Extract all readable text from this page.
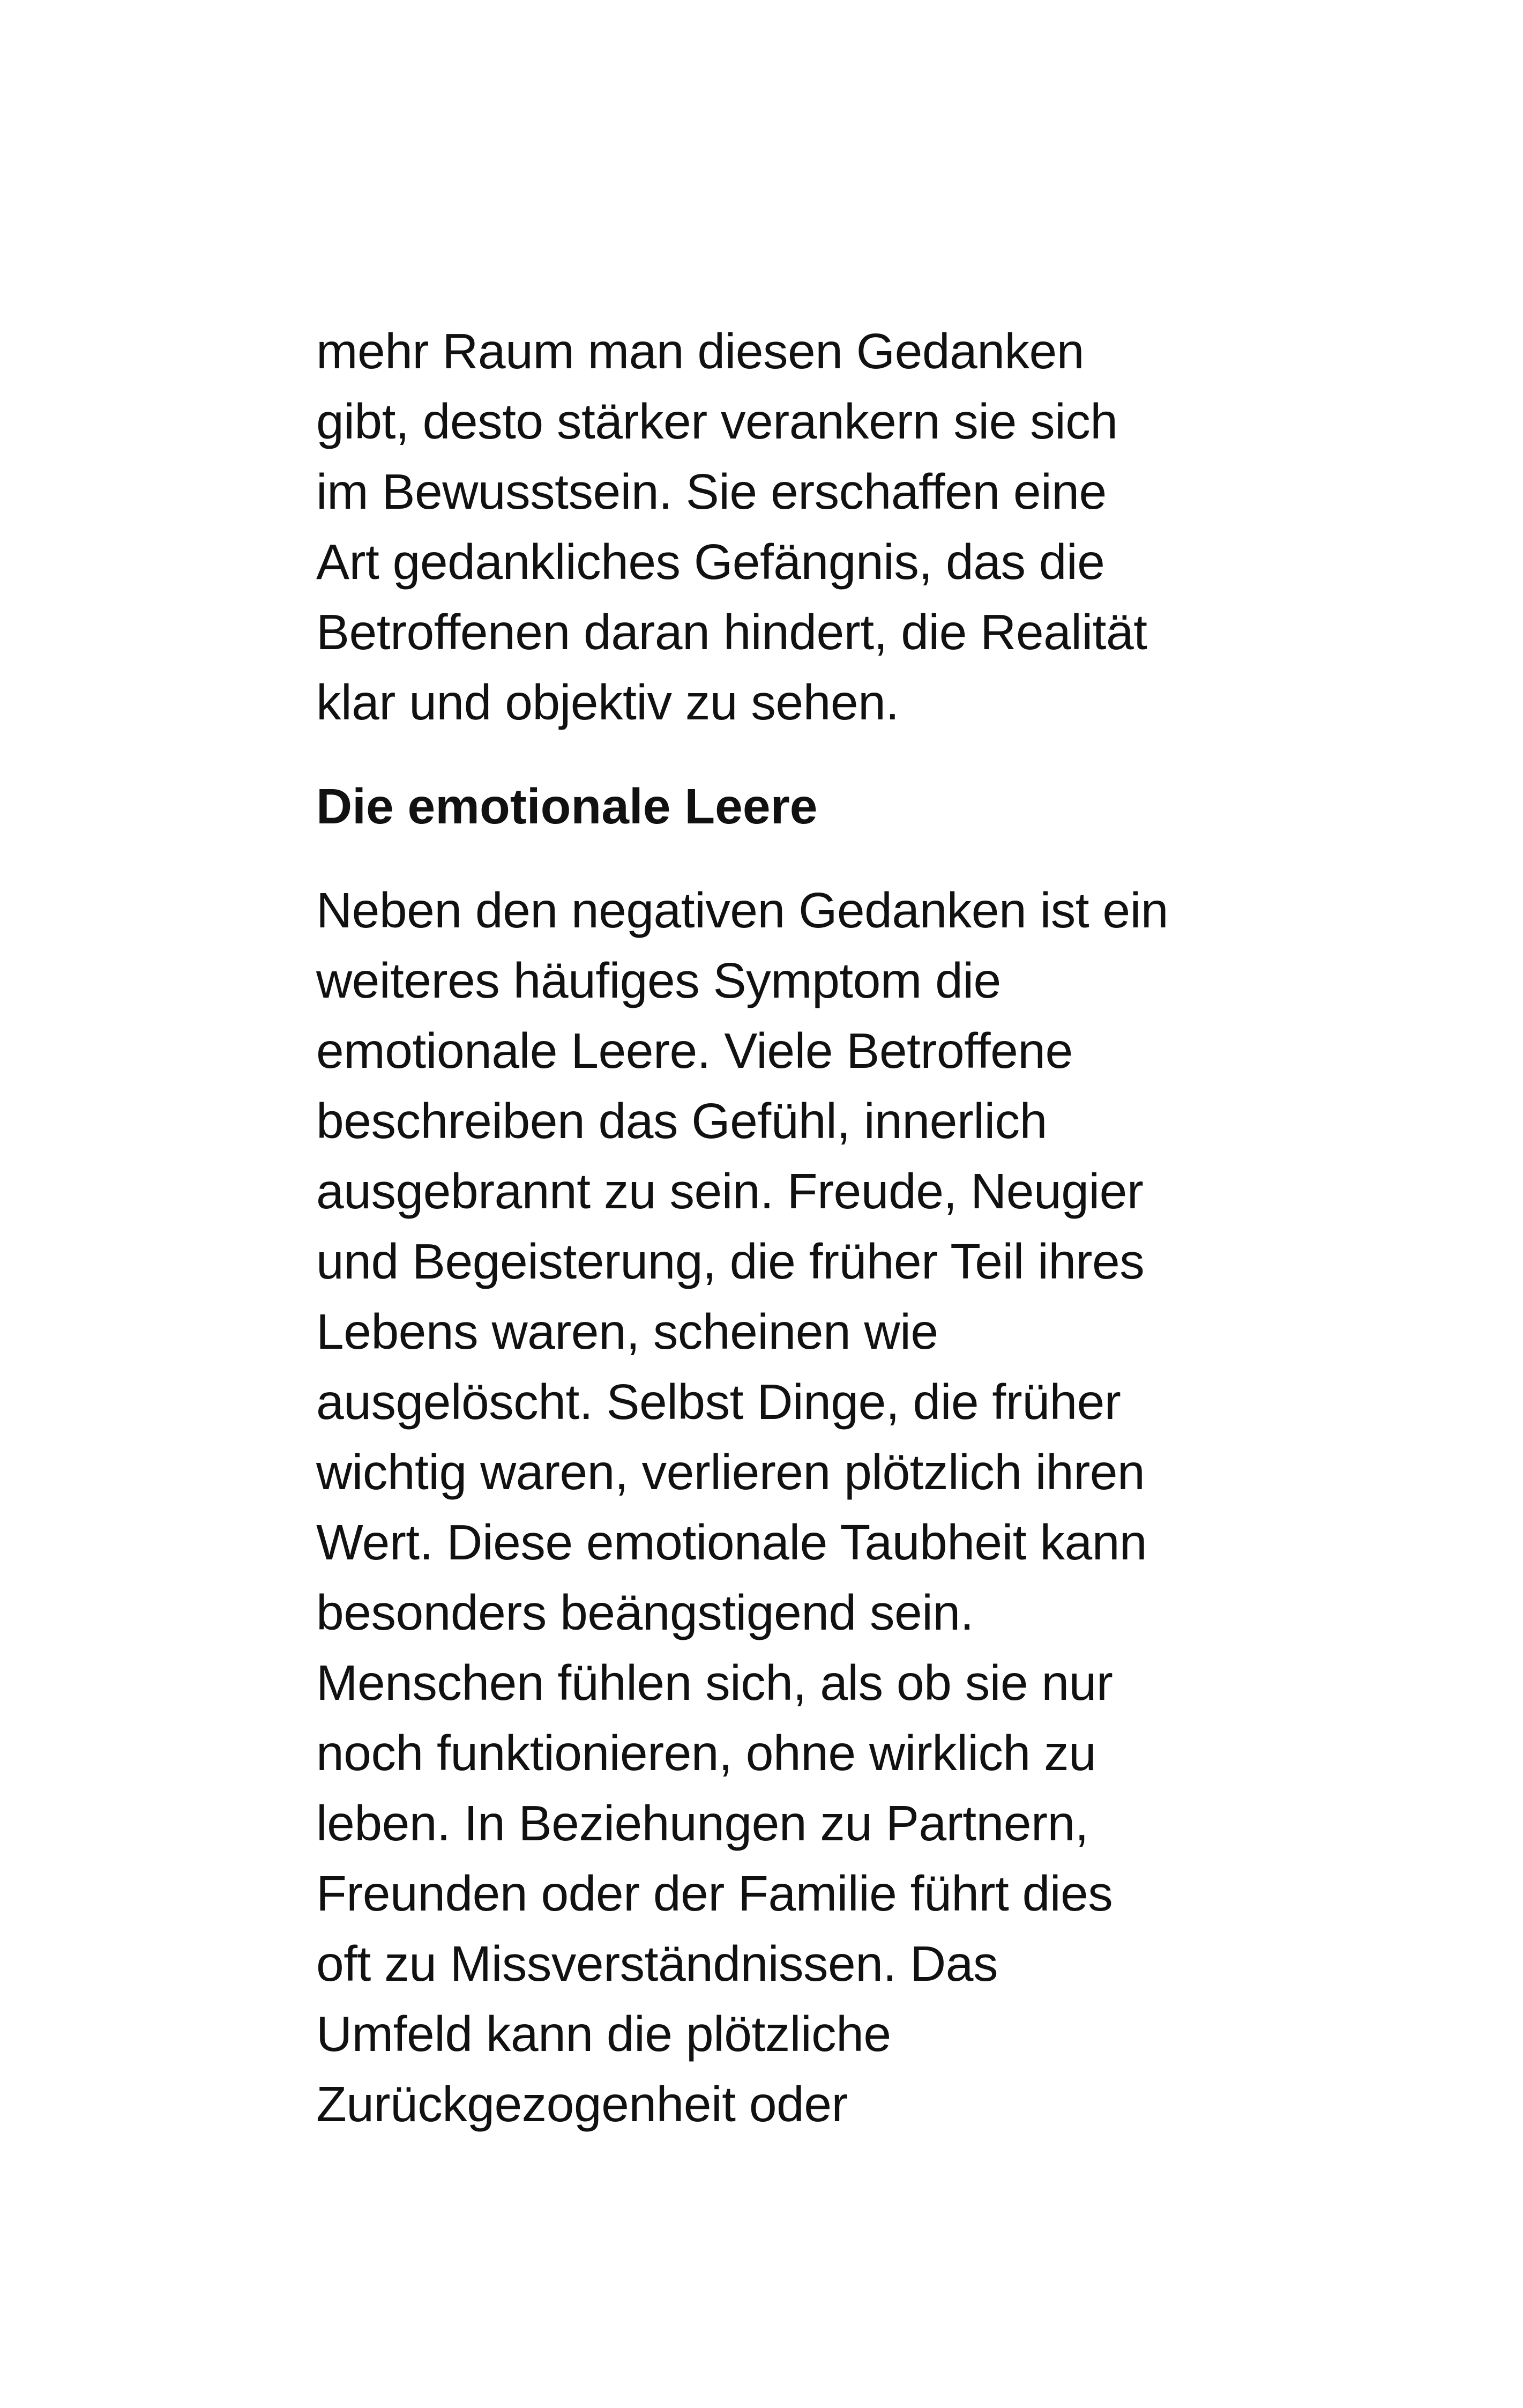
mehr Raum man diesen Gedanken
gibt, desto stärker verankern sie sich
im Bewusstsein. Sie erschaffen eine
Art gedankliches Gefängnis, das die
Betroffenen daran hindert, die Realität
klar und objektiv zu sehen.
Die emotionale Leere
Neben den negativen Gedanken ist ein
weiteres häufiges Symptom die
emotionale Leere. Viele Betroffene
beschreiben das Gefühl, innerlich
ausgebrannt zu sein. Freude, Neugier
und Begeisterung, die früher Teil ihres
Lebens waren, scheinen wie
ausgelöscht. Selbst Dinge, die früher
wichtig waren, verlieren plötzlich ihren
Wert. Diese emotionale Taubheit kann
besonders beängstigend sein.
Menschen fühlen sich, als ob sie nur
noch funktionieren, ohne wirklich zu
leben. In Beziehungen zu Partnern,
Freunden oder der Familie führt dies
oft zu Missverständnissen. Das
Umfeld kann die plötzliche
Zurückgezogenheit oder
